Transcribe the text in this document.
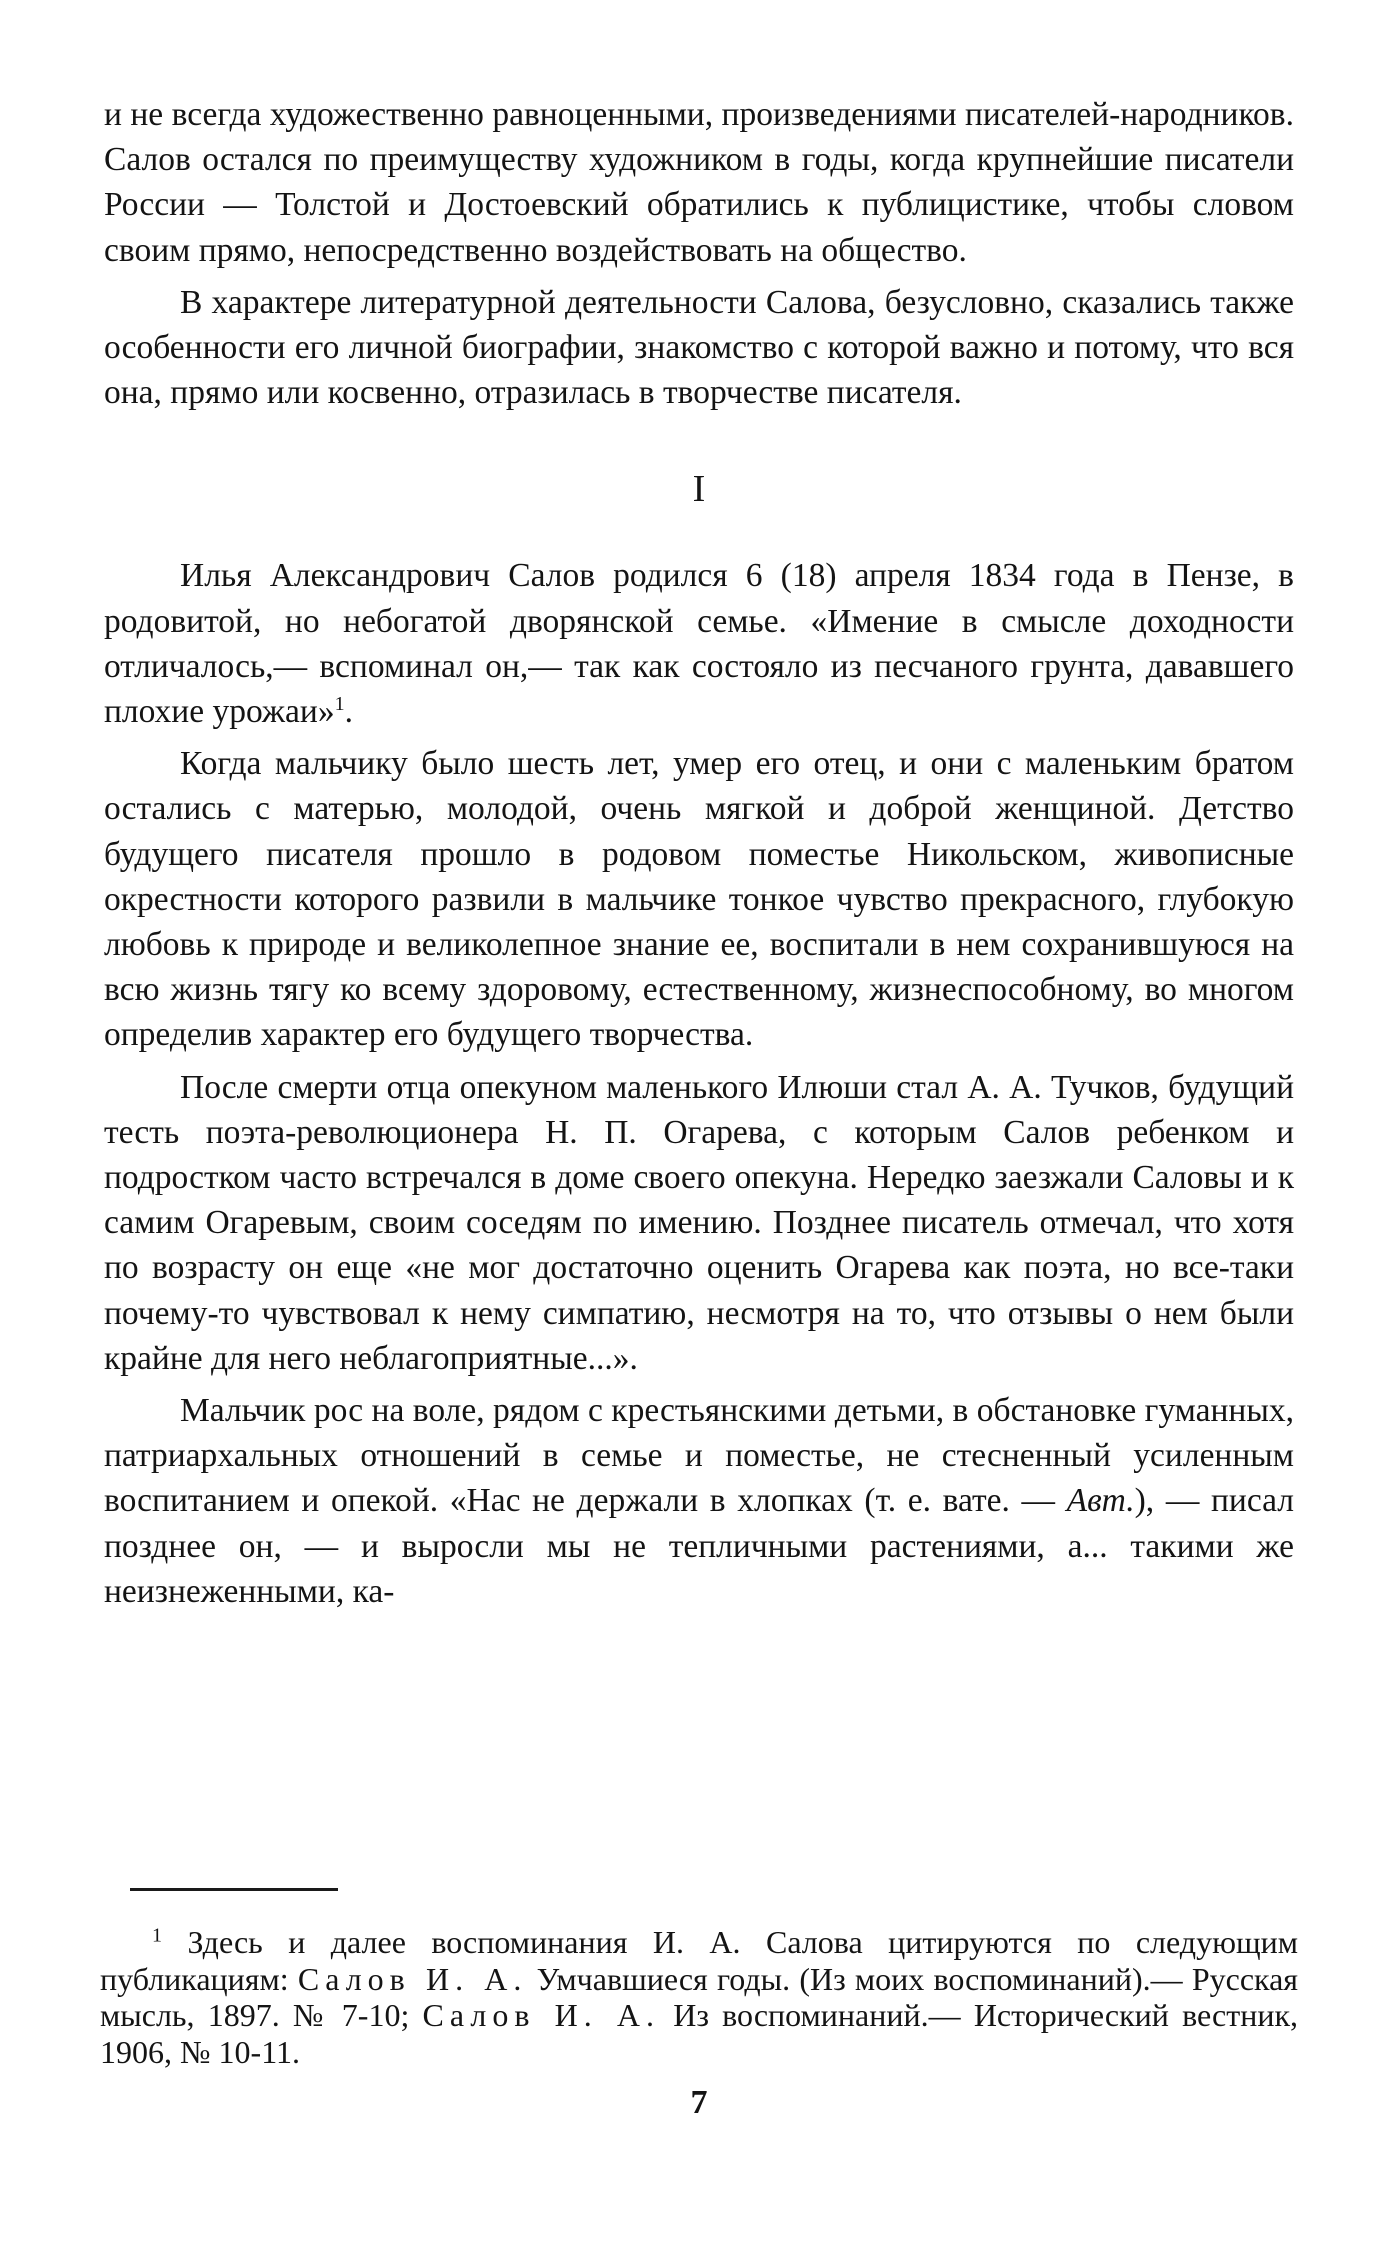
и не всегда художественно равноценными, произведениями писателей-народников. Салов остался по преимуществу художником в годы, когда крупнейшие писатели России — Толстой и Достоевский обратились к публицистике, чтобы словом своим прямо, непосредственно воздействовать на общество.

В характере литературной деятельности Салова, безусловно, сказались также особенности его личной биографии, знакомство с которой важно и потому, что вся она, прямо или косвенно, отразилась в творчестве писателя.

I

Илья Александрович Салов родился 6 (18) апреля 1834 года в Пензе, в родовитой, но небогатой дворянской семье. «Имение в смысле доходности отличалось,— вспоминал он,— так как состояло из песчаного грунта, дававшего плохие урожаи»$^1$.

Когда мальчику было шесть лет, умер его отец, и они с маленьким братом остались с матерью, молодой, очень мягкой и доброй женщиной. Детство будущего писателя прошло в родовом поместье Никольском, живописные окрестности которого развили в мальчике тонкое чувство прекрасного, глубокую любовь к природе и великолепное знание ее, воспитали в нем сохранившуюся на всю жизнь тягу ко всему здоровому, естественному, жизнеспособному, во многом определив характер его будущего творчества.

После смерти отца опекуном маленького Илюши стал А. А. Тучков, будущий тесть поэта-революционера Н. П. Огарева, с которым Салов ребенком и подростком часто встречался в доме своего опекуна. Нередко заезжали Саловы и к самим Огаревым, своим соседям по имению. Позднее писатель отмечал, что хотя по возрасту он еще «не мог достаточно оценить Огарева как поэта, но все-таки почему-то чувствовал к нему симпатию, несмотря на то, что отзывы о нем были крайне для него неблагоприятные...».

Мальчик рос на воле, рядом с крестьянскими детьми, в обстановке гуманных, патриархальных отношений в семье и поместье, не стесненный усиленным воспитанием и опекой. «Нас не держали в хлопках (т. е. вате. — Авт.), — писал позднее он, — и выросли мы не тепличными растениями, а... такими же неизнеженными, ка-

$^1$ Здесь и далее воспоминания И. А. Салова цитируются по следующим публикациям: Салов И. А. Умчавшиеся годы. (Из моих воспоминаний).— Русская мысль, 1897. № 7-10; Салов И. А. Из воспоминаний.— Исторический вестник, 1906, № 10-11.

7
